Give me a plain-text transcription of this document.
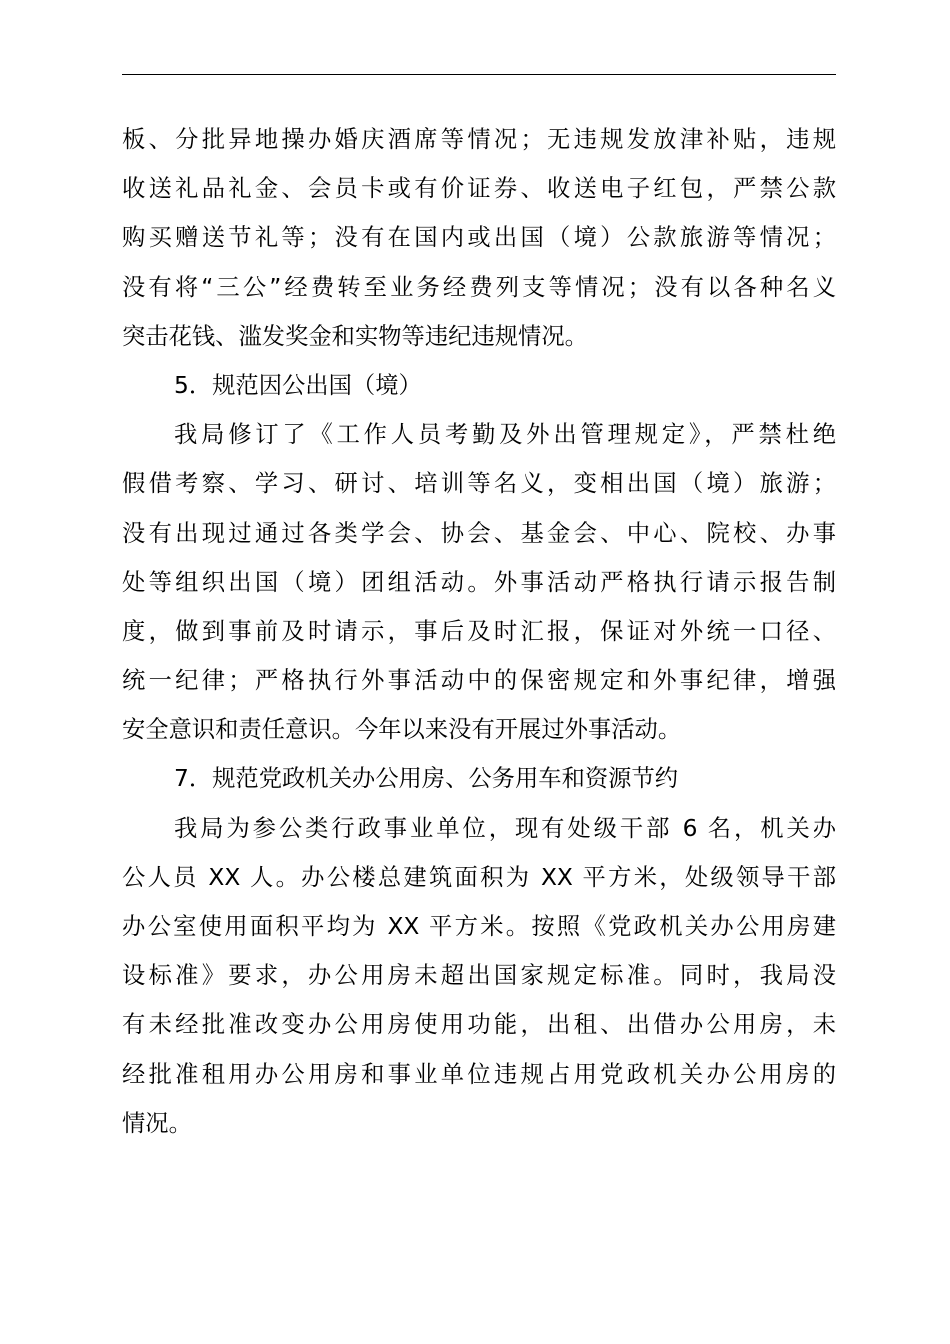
板、分批异地操办婚庆酒席等情况；无违规发放津补贴，违规
收送礼品礼金、会员卡或有价证券、收送电子红包，严禁公款
购买赠送节礼等；没有在国内或出国（境）公款旅游等情况；
没有将“三公”经费转至业务经费列支等情况；没有以各种名义
突击花钱、滥发奖金和实物等违纪违规情况。
5．规范因公出国（境）
我局修订了《工作人员考勤及外出管理规定》，严禁杜绝
假借考察、学习、研讨、培训等名义，变相出国（境）旅游；
没有出现过通过各类学会、协会、基金会、中心、院校、办事
处等组织出国（境）团组活动。外事活动严格执行请示报告制
度，做到事前及时请示，事后及时汇报，保证对外统一口径、
统一纪律；严格执行外事活动中的保密规定和外事纪律，增强
安全意识和责任意识。今年以来没有开展过外事活动。
7．规范党政机关办公用房、公务用车和资源节约
我局为参公类行政事业单位，现有处级干部 6 名，机关办
公人员 XX 人。办公楼总建筑面积为 XX 平方米，处级领导干部
办公室使用面积平均为 XX 平方米。按照《党政机关办公用房建
设标准》要求，办公用房未超出国家规定标准。同时，我局没
有未经批准改变办公用房使用功能，出租、出借办公用房，未
经批准租用办公用房和事业单位违规占用党政机关办公用房的
情况。
